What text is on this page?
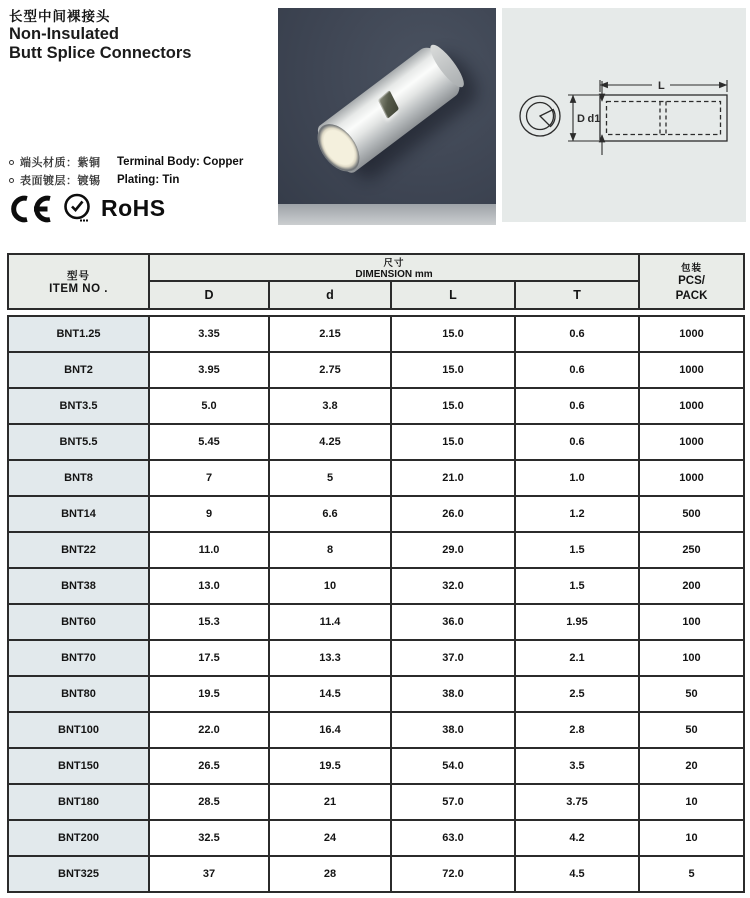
长型中间裸接头
Non-Insulated
Butt Splice Connectors
端头材质：紫铜	Terminal Body: Copper
表面镀层：镀锡	Plating: Tin
RoHS
L
D d1
型号
ITEM NO .

尺寸
DIMENSION mm

包装
PCS/
PACK

	D	d	L	T	
BNT1.25	3.35	2.15	15.0	0.6	1000
BNT2	3.95	2.75	15.0	0.6	1000
BNT3.5	5.0	3.8	15.0	0.6	1000
BNT5.5	5.45	4.25	15.0	0.6	1000
BNT8	7	5	21.0	1.0	1000
BNT14	9	6.6	26.0	1.2	500
BNT22	11.0	8	29.0	1.5	250
BNT38	13.0	10	32.0	1.5	200
BNT60	15.3	11.4	36.0	1.95	100
BNT70	17.5	13.3	37.0	2.1	100
BNT80	19.5	14.5	38.0	2.5	50
BNT100	22.0	16.4	38.0	2.8	50
BNT150	26.5	19.5	54.0	3.5	20
BNT180	28.5	21	57.0	3.75	10
BNT200	32.5	24	63.0	4.2	10
BNT325	37	28	72.0	4.5	5
